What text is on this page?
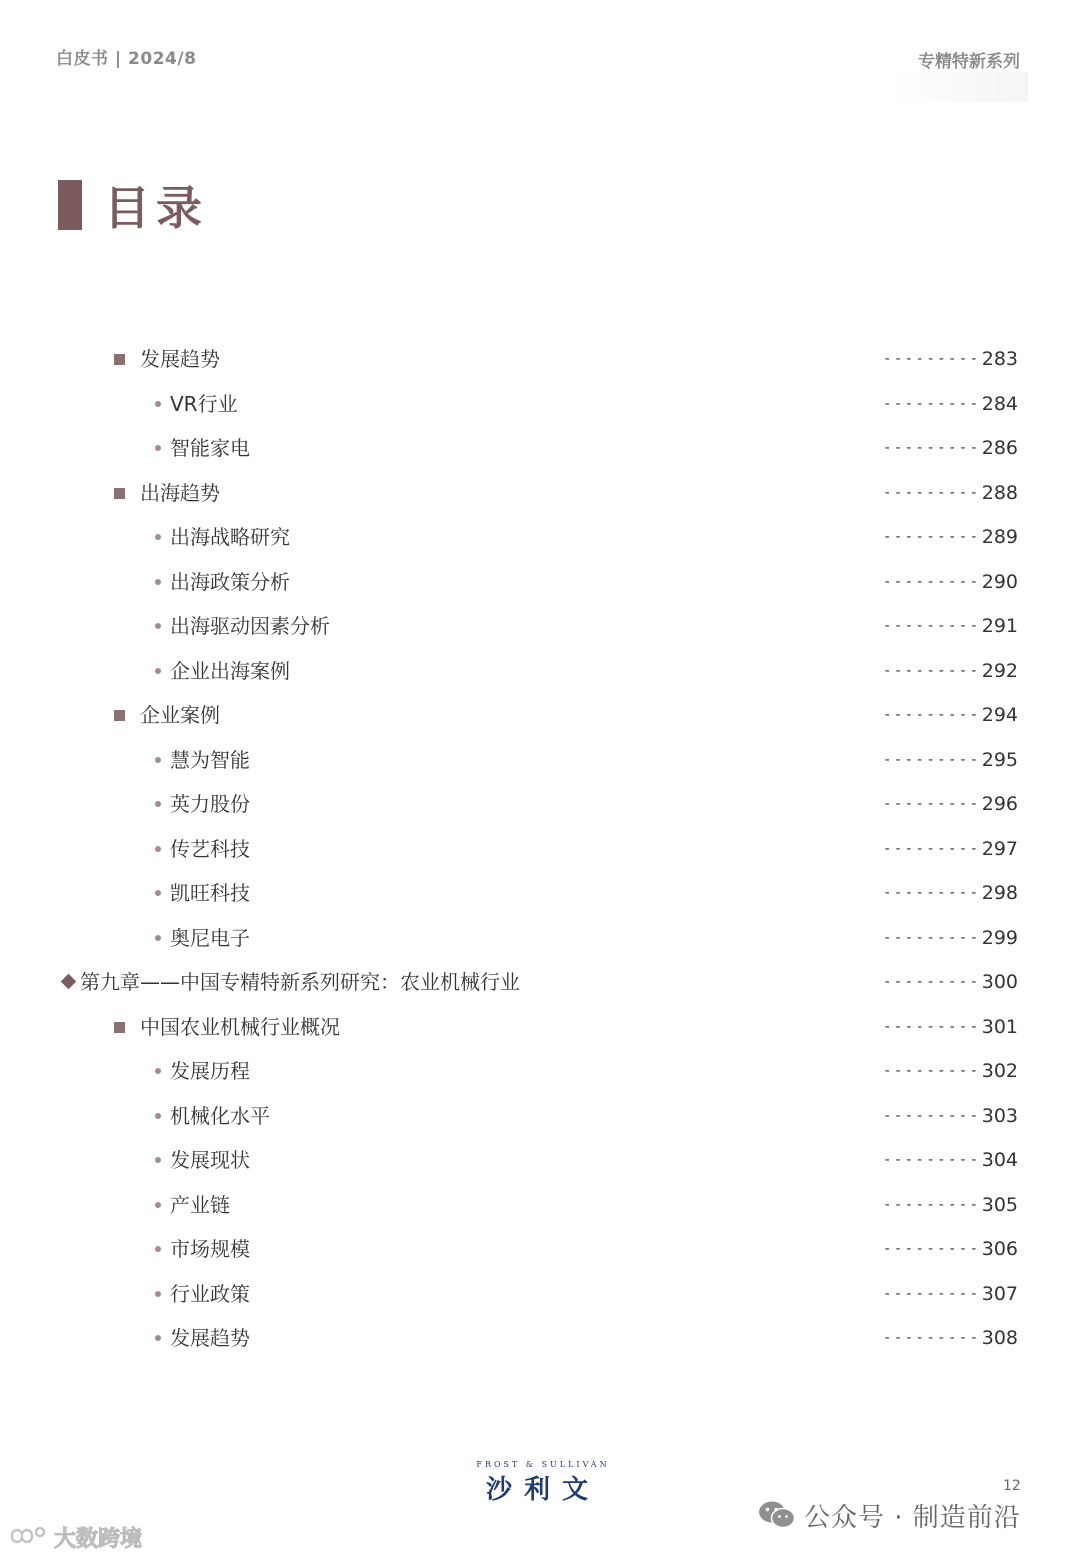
白皮书 | 2024/8	专精特新系列
目录
发展趋势	--------- 283
VR行业	--------- 284
智能家电	--------- 286
出海趋势	--------- 288
出海战略研究	--------- 289
出海政策分析	--------- 290
出海驱动因素分析	--------- 291
企业出海案例	--------- 292
企业案例	--------- 294
慧为智能	--------- 295
英力股份	--------- 296
传艺科技	--------- 297
凯旺科技	--------- 298
奥尼电子	--------- 299
第九章——中国专精特新系列研究：农业机械行业	--------- 300
中国农业机械行业概况	--------- 301
发展历程	--------- 302
机械化水平	--------- 303
发展现状	--------- 304
产业链	--------- 305
市场规模	--------- 306
行业政策	--------- 307
发展趋势	--------- 308
FROST & SULLIVAN
沙利文	12
公众号 · 制造前沿
大数跨境
